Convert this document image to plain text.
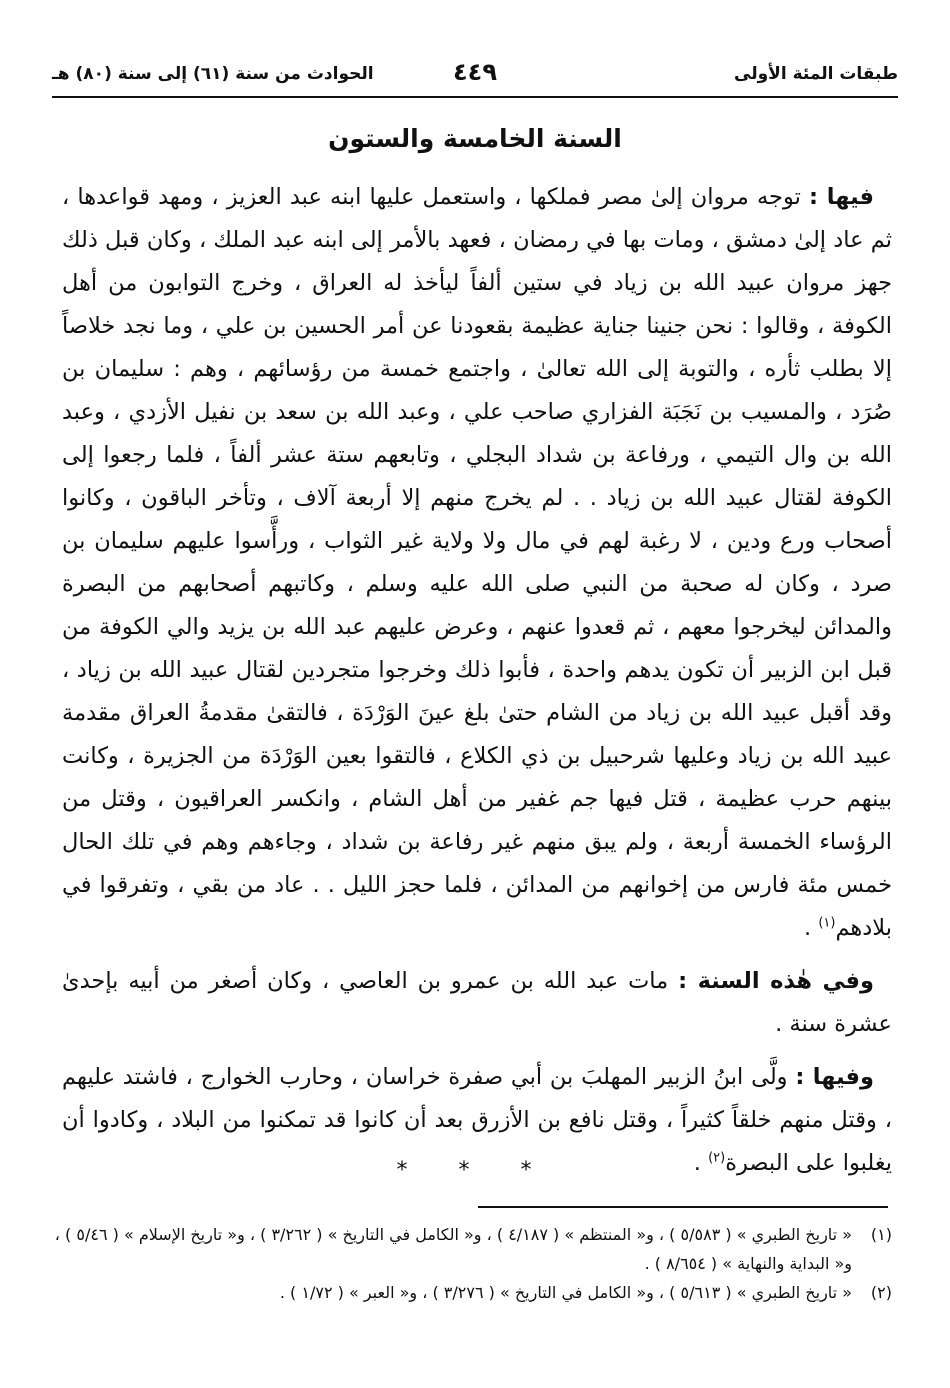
طبقات المئة الأولى
٤٤٩
الحوادث من سنة (٦١) إلى سنة (٨٠) هـ
السنة الخامسة والستون

فيها : توجه مروان إلىٰ مصر فملكها ، واستعمل عليها ابنه عبد العزيز ، ومهد قواعدها ، ثم عاد إلىٰ دمشق ، ومات بها في رمضان ، فعهد بالأمر إلى ابنه عبد الملك ، وكان قبل ذلك جهز مروان عبيد الله بن زياد في ستين ألفاً ليأخذ له العراق ، وخرج التوابون من أهل الكوفة ، وقالوا : نحن جنينا جناية عظيمة بقعودنا عن أمر الحسين بن علي ، وما نجد خلاصاً إلا بطلب ثأره ، والتوبة إلى الله تعالىٰ ، واجتمع خمسة من رؤسائهم ، وهم : سليمان بن صُرَد ، والمسيب بن نَجَبَة الفزاري صاحب علي ، وعبد الله بن سعد بن نفيل الأزدي ، وعبد الله بن وال التيمي ، ورفاعة بن شداد البجلي ، وتابعهم ستة عشر ألفاً ، فلما رجعوا إلى الكوفة لقتال عبيد الله بن زياد . . لم يخرج منهم إلا أربعة آلاف ، وتأخر الباقون ، وكانوا أصحاب ورع ودين ، لا رغبة لهم في مال ولا ولاية غير الثواب ، ورأَّسوا عليهم سليمان بن صرد ، وكان له صحبة من النبي صلى الله عليه وسلم ، وكاتبهم أصحابهم من البصرة والمدائن ليخرجوا معهم ، ثم قعدوا عنهم ، وعرض عليهم عبد الله بن يزيد والي الكوفة من قبل ابن الزبير أن تكون يدهم واحدة ، فأبوا ذلك وخرجوا متجردين لقتال عبيد الله بن زياد ، وقد أقبل عبيد الله بن زياد من الشام حتىٰ بلغ عينَ الوَرْدَة ، فالتقىٰ مقدمةُ العراق مقدمة عبيد الله بن زياد وعليها شرحبيل بن ذي الكلاع ، فالتقوا بعين الوَرْدَة من الجزيرة ، وكانت بينهم حرب عظيمة ، قتل فيها جم غفير من أهل الشام ، وانكسر العراقيون ، وقتل من الرؤساء الخمسة أربعة ، ولم يبق منهم غير رفاعة بن شداد ، وجاءهم وهم في تلك الحال خمس مئة فارس من إخوانهم من المدائن ، فلما حجز الليل . . عاد من بقي ، وتفرقوا في بلادهم$^{(١)}$ .

وفي هٰذه السنة : مات عبد الله بن عمرو بن العاصي ، وكان أصغر من أبيه بإحدىٰ عشرة سنة .

وفيها : ولَّى ابنُ الزبير المهلبَ بن أبي صفرة خراسان ، وحارب الخوارج ، فاشتد عليهم ، وقتل منهم خلقاً كثيراً ، وقتل نافع بن الأزرق بعد أن كانوا قد تمكنوا من البلاد ، وكادوا أن يغلبوا على البصرة$^{(٢)}$ .

* * *
(١)
« تاريخ الطبري » ( ٥/٥٨٣ ) ، و« المنتظم » ( ٤/١٨٧ ) ، و« الكامل في التاريخ » ( ٣/٢٦٢ ) ، و« تاريخ الإسلام » ( ٥/٤٦ ) ، و« البداية والنهاية » ( ٨/٦٥٤ ) .
(٢)
« تاريخ الطبري » ( ٥/٦١٣ ) ، و« الكامل في التاريخ » ( ٣/٢٧٦ ) ، و« العبر » ( ١/٧٢ ) .
